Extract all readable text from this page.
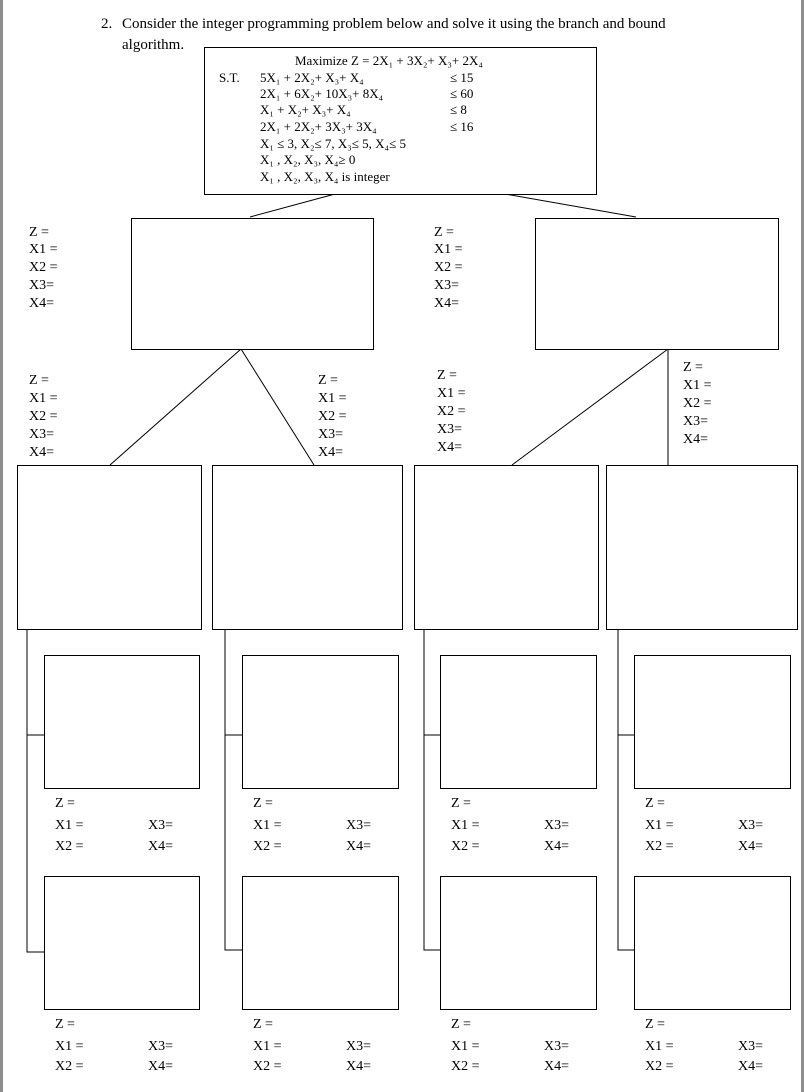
2. Consider the integer programming problem below and solve it using the branch and bound
algorithm.
Maximize Z = 2X₁ + 3X₂+ X₃+ 2X₄
S.T. 5X₁ + 2X₂+ X₃+ X₄	≤ 15
2X₁ + 6X₂+ 10X₃+ 8X₄	≤ 60
X₁ + X₂+ X₃+ X₄	≤ 8
2X₁ + 2X₂+ 3X₃+ 3X₄	≤ 16
X₁ ≤ 3, X₂≤ 7, X₃≤ 5, X₄≤ 5
X₁ , X₂, X₃, X₄≥ 0
X₁ , X₂, X₃, X₄ is integer
Z =
X1 =
X2 =
X3=
X4=
Z =
X1 =
X2 =
X3=
X4=
Z =
X1 =
X2 =
X3=
X4=
Z =
X1 =
X2 =
X3=
X4=
Z =
X1 =
X2 =
X3=
X4=
Z =
X1 =
X2 =
X3=
X4=
Z =
X1 =	X3=
X2 =	X4=
Z =
X1 =	X3=
X2 =	X4=
Z =
X1 =	X3=
X2 =	X4=
Z =
X1 =	X3=
X2 =	X4=
Z =
X1 =	X3=
X2 =	X4=
Z =
X1 =	X3=
X2 =	X4=
Z =
X1 =	X3=
X2 =	X4=
Z =
X1 =	X3=
X2 =	X4=
